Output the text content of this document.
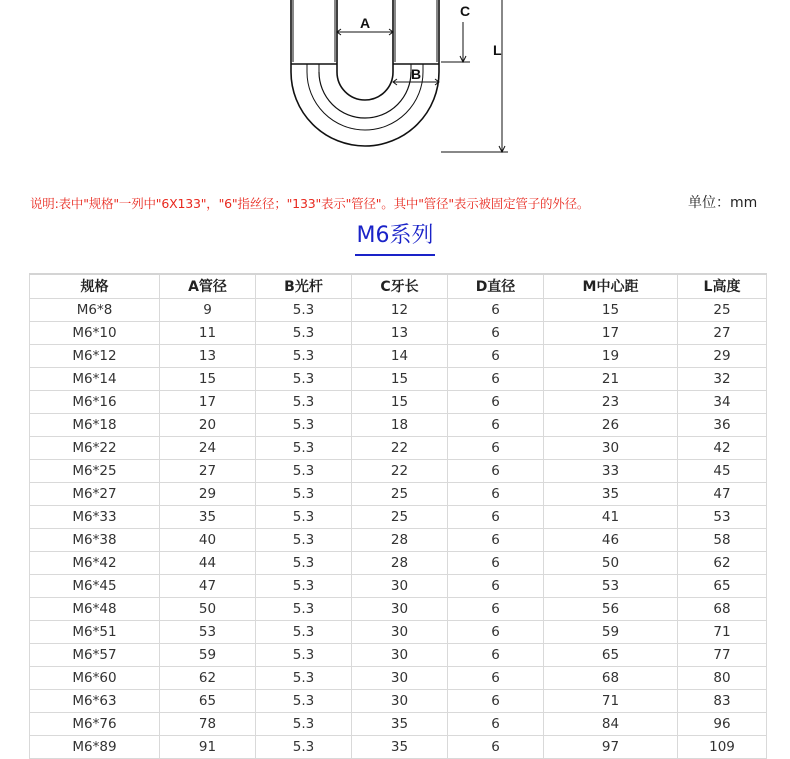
A
B
C
L
说明:表中"规格"一列中"6X133"，"6"指丝径；"133"表示"管径"。其中"管径"表示被固定管子的外径。	单位：mm
M6系列
规格	A管径	B光杆	C牙长	D直径	M中心距	L高度
M6*8	9	5.3	12	6	15	25
M6*10	11	5.3	13	6	17	27
M6*12	13	5.3	14	6	19	29
M6*14	15	5.3	15	6	21	32
M6*16	17	5.3	15	6	23	34
M6*18	20	5.3	18	6	26	36
M6*22	24	5.3	22	6	30	42
M6*25	27	5.3	22	6	33	45
M6*27	29	5.3	25	6	35	47
M6*33	35	5.3	25	6	41	53
M6*38	40	5.3	28	6	46	58
M6*42	44	5.3	28	6	50	62
M6*45	47	5.3	30	6	53	65
M6*48	50	5.3	30	6	56	68
M6*51	53	5.3	30	6	59	71
M6*57	59	5.3	30	6	65	77
M6*60	62	5.3	30	6	68	80
M6*63	65	5.3	30	6	71	83
M6*76	78	5.3	35	6	84	96
M6*89	91	5.3	35	6	97	109
